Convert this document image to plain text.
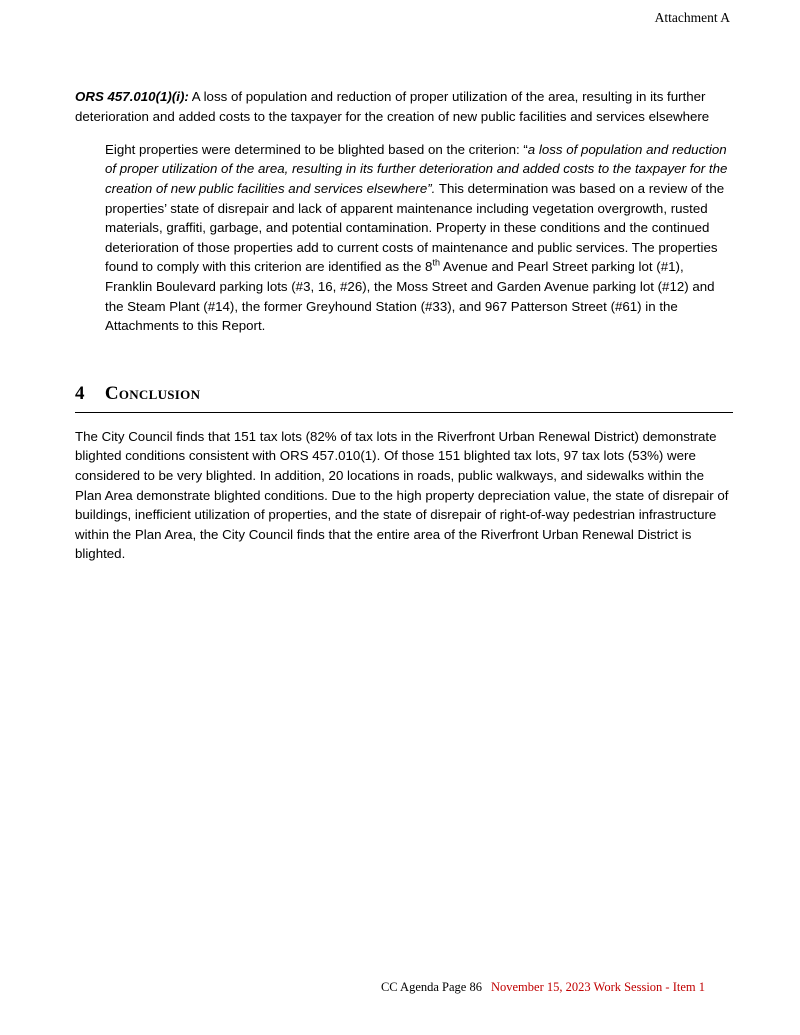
Attachment A

ORS 457.010(1)(i): A loss of population and reduction of proper utilization of the area, resulting in its further deterioration and added costs to the taxpayer for the creation of new public facilities and services elsewhere

Eight properties were determined to be blighted based on the criterion: “a loss of population and reduction of proper utilization of the area, resulting in its further deterioration and added costs to the taxpayer for the creation of new public facilities and services elsewhere”. This determination was based on a review of the properties’ state of disrepair and lack of apparent maintenance including vegetation overgrowth, rusted materials, graffiti, garbage, and potential contamination. Property in these conditions and the continued deterioration of those properties add to current costs of maintenance and public services. The properties found to comply with this criterion are identified as the 8th Avenue and Pearl Street parking lot (#1), Franklin Boulevard parking lots (#3, 16, #26), the Moss Street and Garden Avenue parking lot (#12) and the Steam Plant (#14), the former Greyhound Station (#33), and 967 Patterson Street (#61) in the Attachments to this Report.

4 Conclusion

The City Council finds that 151 tax lots (82% of tax lots in the Riverfront Urban Renewal District) demonstrate blighted conditions consistent with ORS 457.010(1). Of those 151 blighted tax lots, 97 tax lots (53%) were considered to be very blighted. In addition, 20 locations in roads, public walkways, and sidewalks within the Plan Area demonstrate blighted conditions. Due to the high property depreciation value, the state of disrepair of buildings, inefficient utilization of properties, and the state of disrepair of right-of-way pedestrian infrastructure within the Plan Area, the City Council finds that the entire area of the Riverfront Urban Renewal District is blighted.

CC Agenda Page 86 November 15, 2023 Work Session - Item 1
